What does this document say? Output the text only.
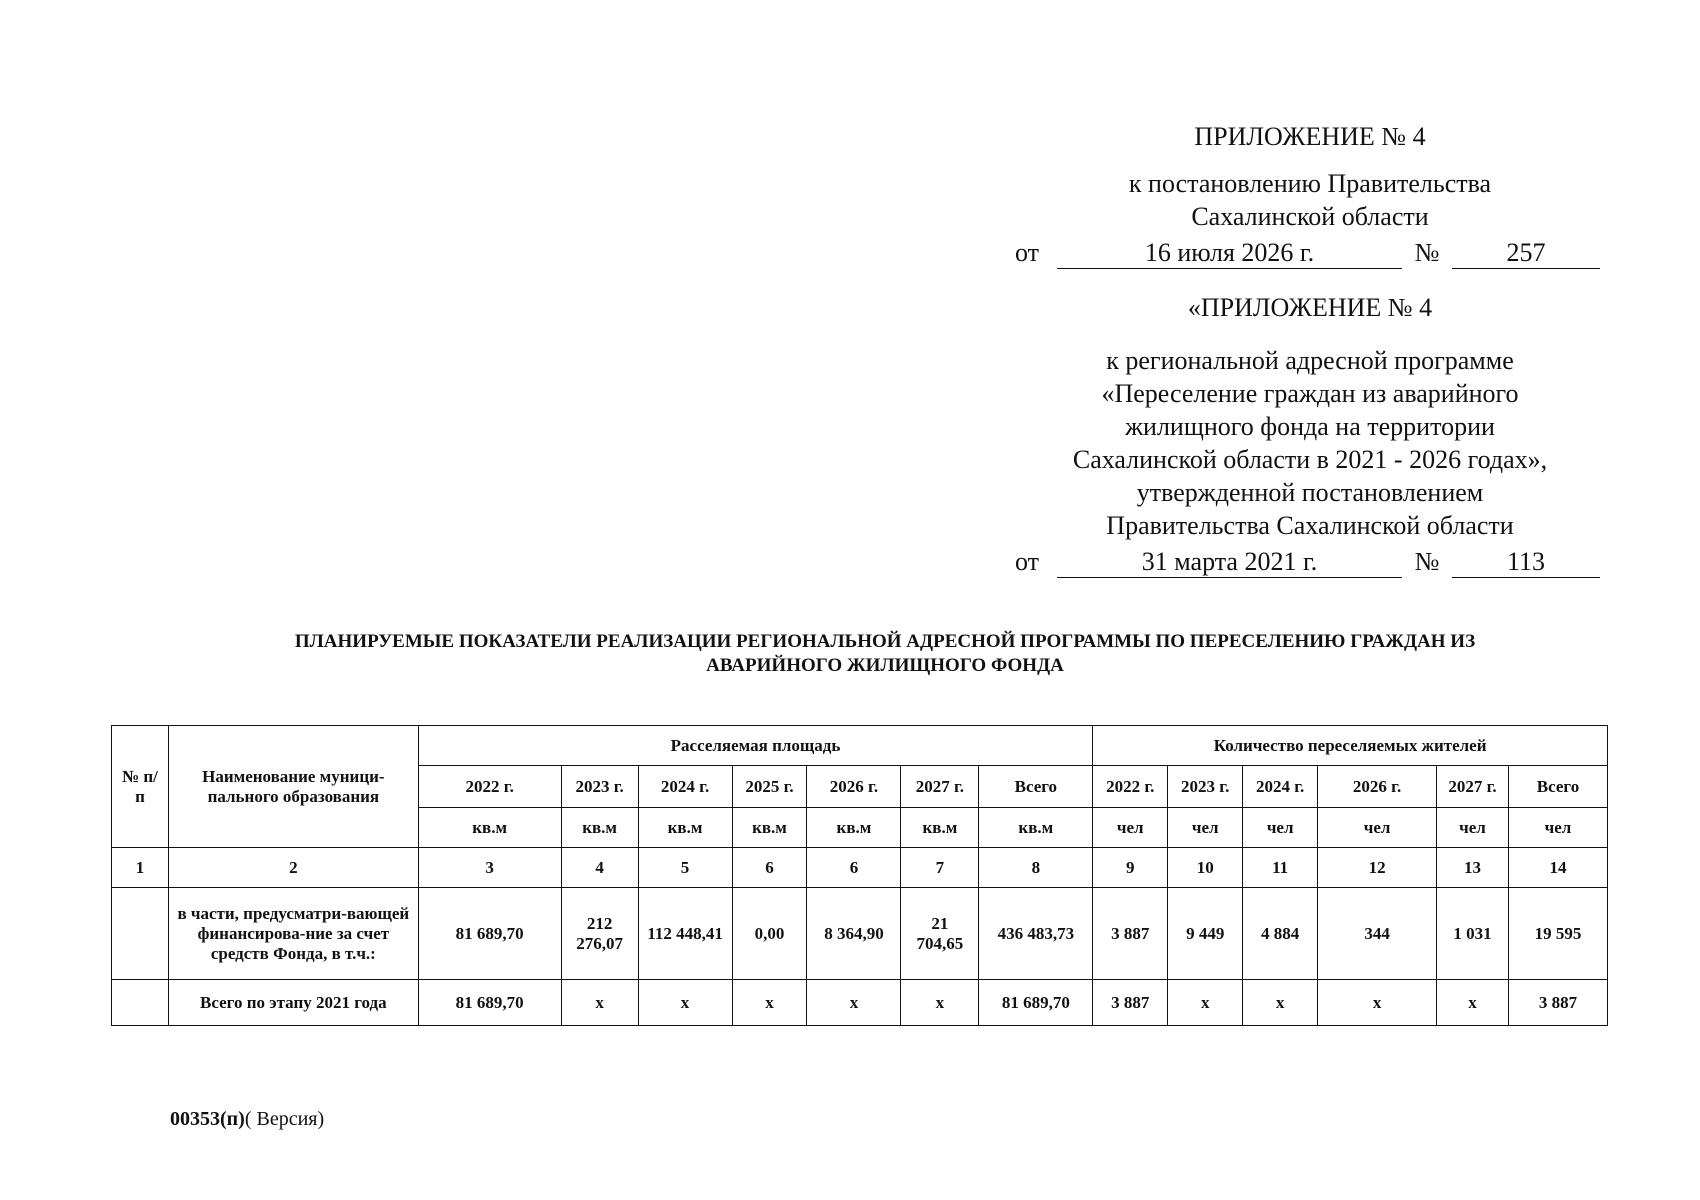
ПРИЛОЖЕНИЕ № 4
к постановлению Правительства
Сахалинской области
от	16 июля 2026 г.	№	257
«ПРИЛОЖЕНИЕ № 4
к региональной адресной программе
«Переселение граждан из аварийного
жилищного фонда на территории
Сахалинской области в 2021 - 2026 годах»,
утвержденной постановлением
Правительства Сахалинской области
от	31 марта 2021 г.	№	113
ПЛАНИРУЕМЫЕ ПОКАЗАТЕЛИ РЕАЛИЗАЦИИ РЕГИОНАЛЬНОЙ АДРЕСНОЙ ПРОГРАММЫ ПО ПЕРЕСЕЛЕНИЮ ГРАЖДАН ИЗ
АВАРИЙНОГО ЖИЛИЩНОГО ФОНДА
№ п/п	Наименование муници-пального образования	Расселяемая площадь							Количество переселяемых жителей					
		2022 г.	2023 г.	2024 г.	2025 г.	2026 г.	2027 г.	Всего	2022 г.	2023 г.	2024 г.	2026 г.	2027 г.	Всего
		кв.м	кв.м	кв.м	кв.м	кв.м	кв.м	кв.м	чел	чел	чел	чел	чел	чел
1	2	3	4	5	6	6	7	8	9	10	11	12	13	14
	в части, предусматри-вающей финансирова-ние за счет средств Фонда, в т.ч.:	81 689,70	212 276,07	112 448,41	0,00	8 364,90	21 704,65	436 483,73	3 887	9 449	4 884	344	1 031	19 595
	Всего по этапу 2021 года	81 689,70	x	x	x	x	x	81 689,70	3 887	x	x	x	x	3 887
00353(п)( Версия)
